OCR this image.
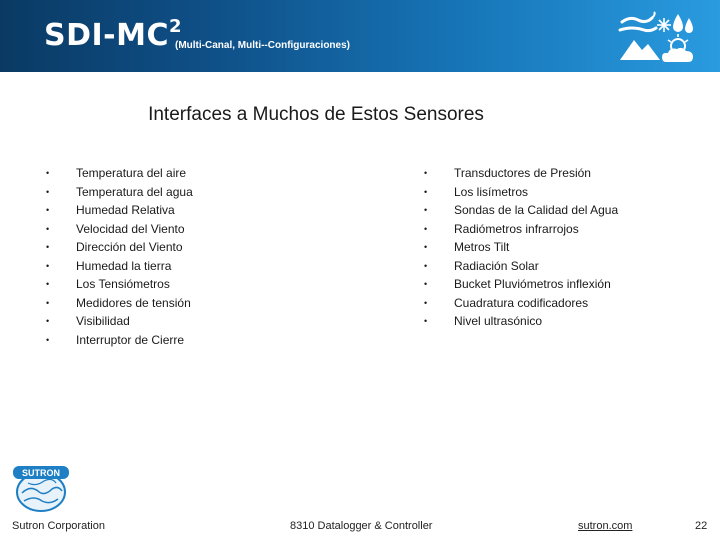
SDI-$MC^2$
(Multi-Canal, Multi--Configuraciones)
Interfaces a Muchos de Estos Sensores
• Temperatura del aire
• Temperatura del agua
• Humedad Relativa
• Velocidad del Viento
• Dirección del Viento
• Humedad la tierra
• Los Tensiómetros
• Medidores de tensión
• Visibilidad
• Interruptor de Cierre
• Transductores de Presión
• Los lisímetros
• Sondas de la Calidad del Agua
• Radiómetros infrarrojos
• Metros Tilt
• Radiación Solar
• Bucket Pluviómetros inflexión
• Cuadratura codificadores
• Nivel ultrasónico
SUTRON
Sutron Corporation	8310 Datalogger & Controller	sutron.com	22
